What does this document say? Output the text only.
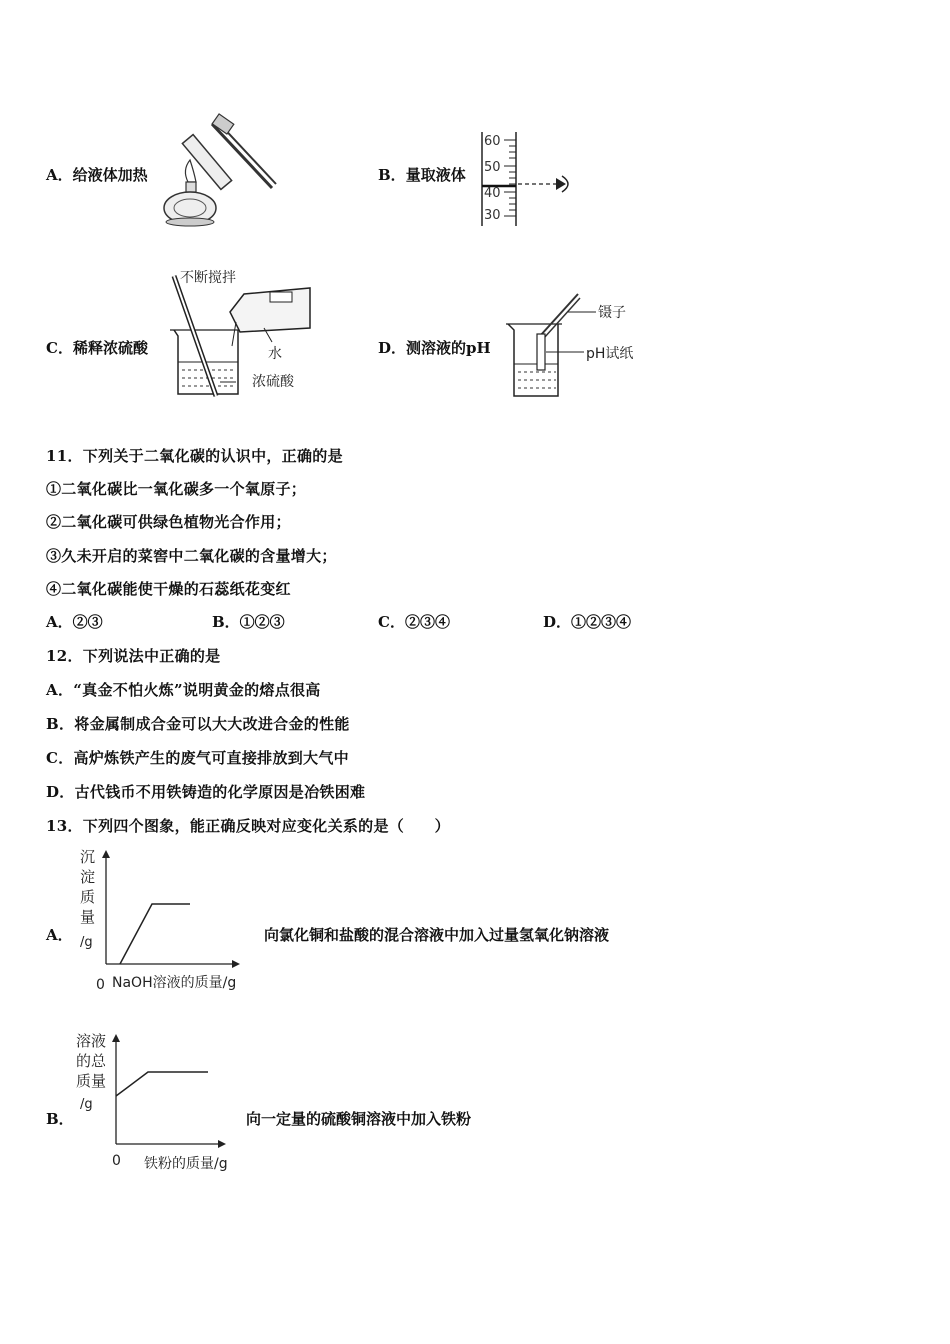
A．给液体加热	B．量取液体
60
50
40
30
C．稀释浓硫酸
不断搅拌
水
浓硫酸
D．测溶液的pH
镊子
pH试纸
11．下列关于二氧化碳的认识中，正确的是
①二氧化碳比一氧化碳多一个氧原子；
②二氧化碳可供绿色植物光合作用；
③久未开启的菜窖中二氧化碳的含量增大；
④二氧化碳能使干燥的石蕊纸花变红
A．②③	B．①②③	C．②③④	D．①②③④
12．下列说法中正确的是
A．“真金不怕火炼”说明黄金的熔点很高
B．将金属制成合金可以大大改进合金的性能
C．高炉炼铁产生的废气可直接排放到大气中
D．古代钱币不用铁铸造的化学原因是冶铁困难
13．下列四个图象，能正确反映对应变化关系的是（　　）
A．
沉
淀
质
量
/g
0 NaOH溶液的质量/g
向氯化铜和盐酸的混合溶液中加入过量氢氧化钠溶液
B．
溶液
的总
质量
/g
0 铁粉的质量/g
向一定量的硫酸铜溶液中加入铁粉
